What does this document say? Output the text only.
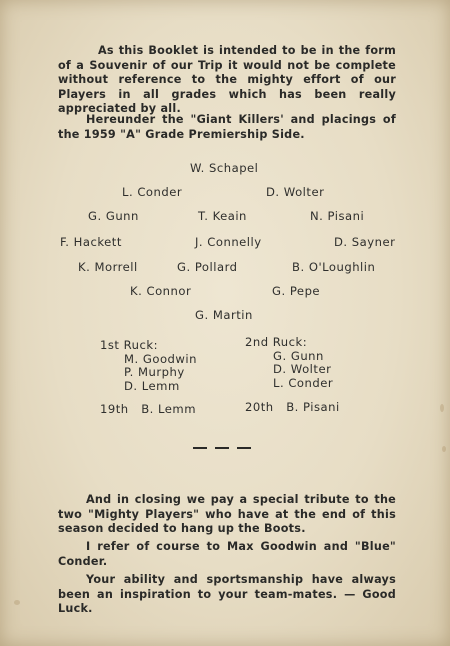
As this Booklet is intended to be in the form of a Souvenir of our Trip it would not be complete without reference to the mighty effort of our Players in all grades which has been really appreciated by all.

Hereunder the "Giant Killers' and placings of the 1959 "A" Grade Premiership Side.

W. Schapel
L. Conder	D. Wolter
G. Gunn	T. Keain	N. Pisani
F. Hackett	J. Connelly	D. Sayner
K. Morrell	G. Pollard	B. O'Loughlin
K. Connor	G. Pepe
G. Martin
1st Ruck:
M. Goodwin
P. Murphy
D. Lemm
2nd Ruck:
G. Gunn
D. Wolter
L. Conder
19th   B. Lemm	20th   B. Pisani

And in closing we pay a special tribute to the two "Mighty Players" who have at the end of this season decided to hang up the Boots.

I refer of course to Max Goodwin and "Blue" Conder.

Your ability and sportsmanship have always been an inspiration to your team-mates. — Good Luck.
